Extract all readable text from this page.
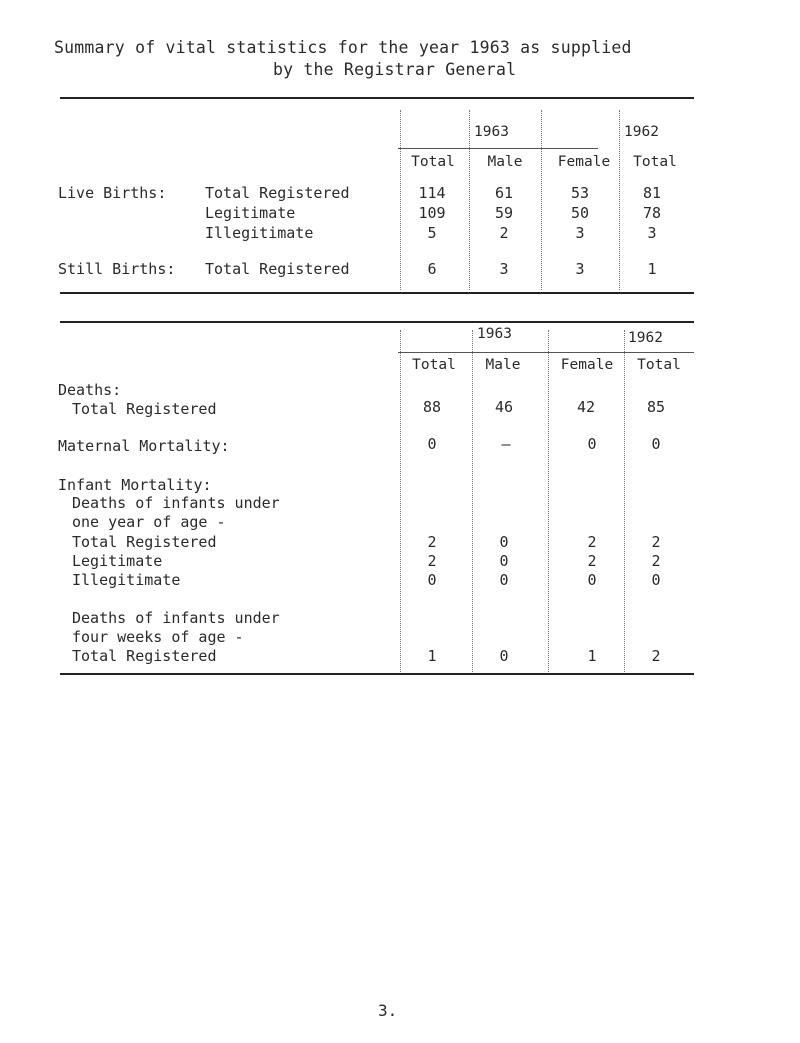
Summary of vital statistics for the year 1963 as supplied
by the Registrar General
1963	1962
Total	Male	Female	Total
Live Births:	Total Registered	114	61	53	81
Legitimate	109	59	50	78
Illegitimate	5	2	3	3
Still Births: Total Registered	6	3	3	1
1963	1962
Total	Male	Female	Total
Deaths:
Total Registered	88	46	42	85
Maternal Mortality:	0	–	0	0
Infant Mortality:
Deaths of infants under
one year of age -
Total Registered	2	0	2	2
Legitimate	2	0	2	2
Illegitimate	0	0	0	0
Deaths of infants under
four weeks of age -
Total Registered	1	0	1	2
3.
